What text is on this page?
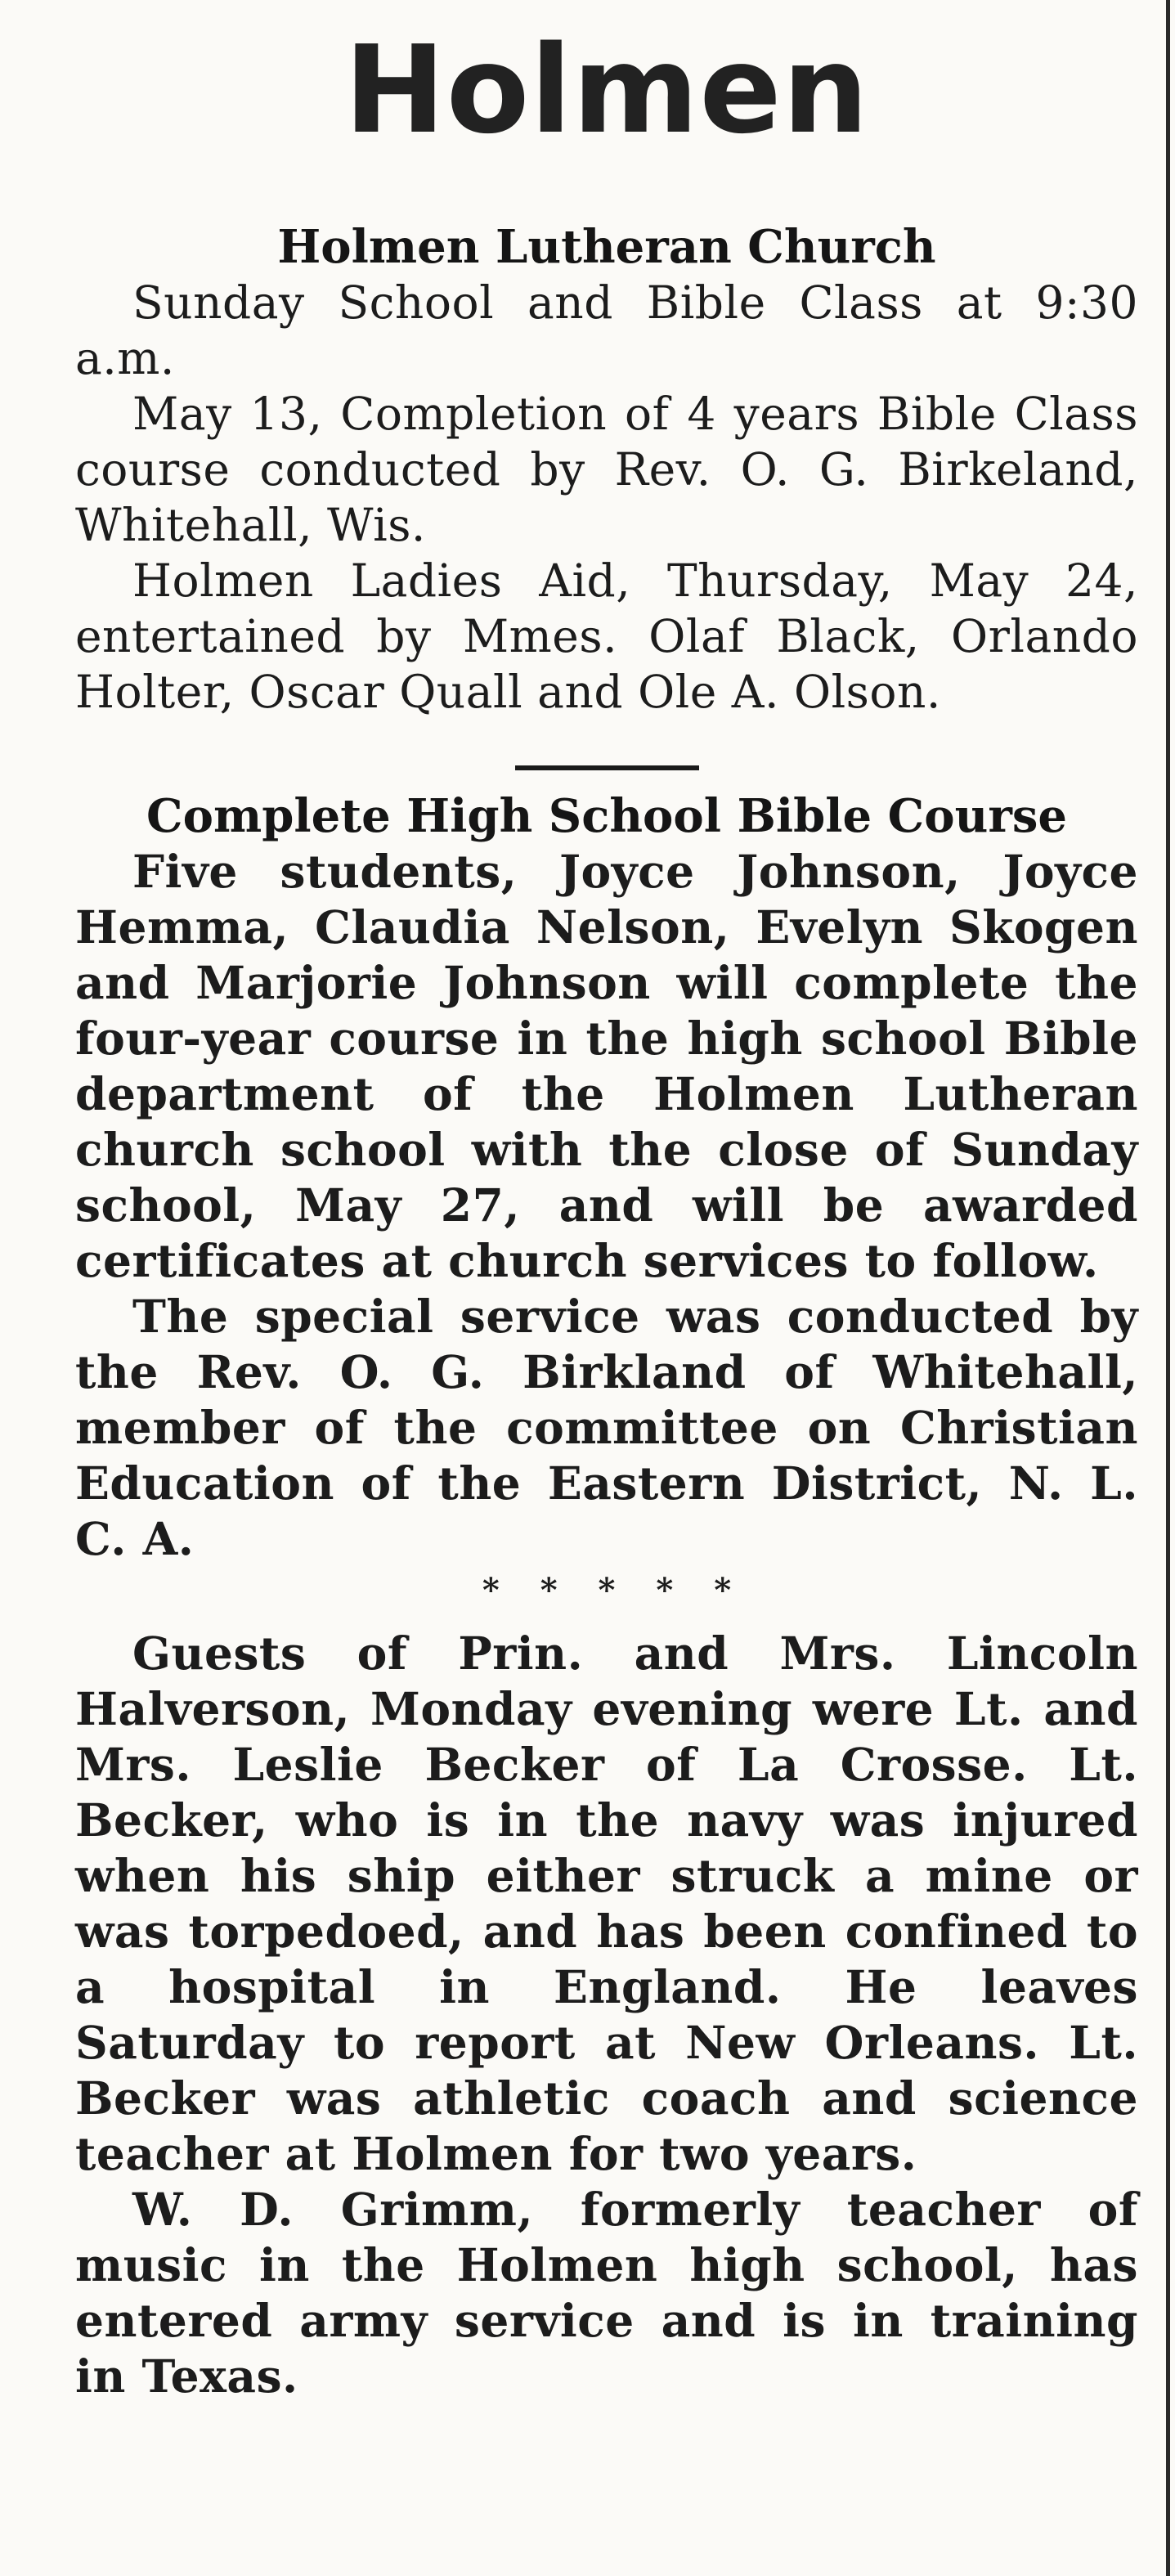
Holmen
Holmen Lutheran Church

Sunday School and Bible Class at 9:30 a.m.

May 13, Completion of 4 years Bible Class course conducted by Rev. O. G. Birkeland, Whitehall, Wis.

Holmen Ladies Aid, Thursday, May 24, entertained by Mmes. Olaf Black, Orlando Holter, Oscar Quall and Ole A. Olson.

Complete High School Bible Course

Five students, Joyce Johnson, Joyce Hemma, Claudia Nelson, Evelyn Skogen and Marjorie Johnson will complete the four-year course in the high school Bible department of the Holmen Lutheran church school with the close of Sunday school, May 27, and will be awarded certificates at church services to follow.

The special service was conducted by the Rev. O. G. Birkland of Whitehall, member of the committee on Christian Education of the Eastern District, N. L. C. A.

* * * * *

Guests of Prin. and Mrs. Lincoln Halverson, Monday evening were Lt. and Mrs. Leslie Becker of La Crosse. Lt. Becker, who is in the navy was injured when his ship either struck a mine or was torpedoed, and has been confined to a hospital in England. He leaves Saturday to report at New Orleans. Lt. Becker was athletic coach and science teacher at Holmen for two years.

W. D. Grimm, formerly teacher of music in the Holmen high school, has entered army service and is in training in Texas.
